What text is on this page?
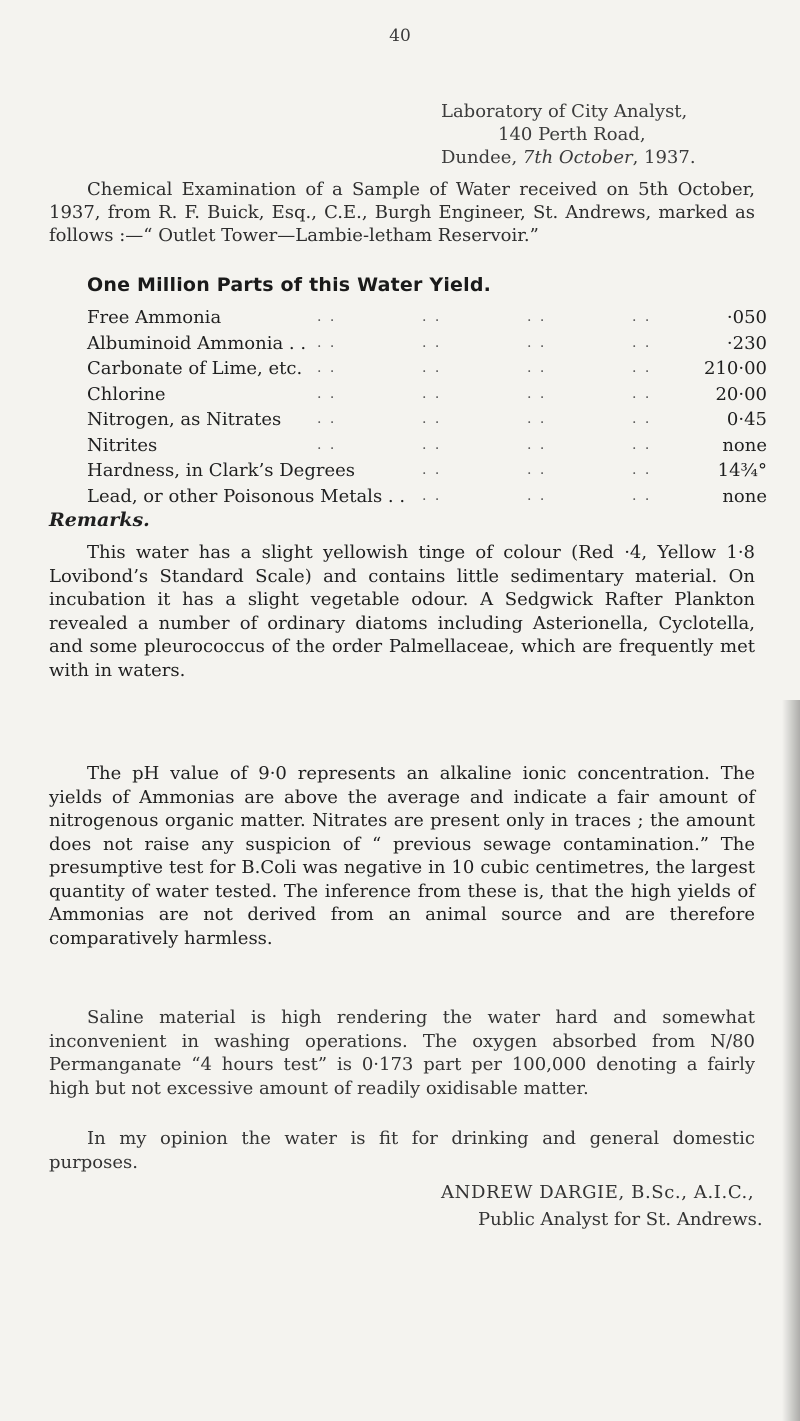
40
Laboratory of City Analyst,
140 Perth Road,
Dundee, 7th October, 1937.
Chemical Examination of a Sample of Water received on 5th October, 1937, from R. F. Buick, Esq., C.E., Burgh Engineer, St. Andrews, marked as follows :—“ Outlet Tower—Lambie-letham Reservoir.”
One Million Parts of this Water Yield.
. .	. .	. .	. .
Free Ammonia	·050
. .	. .	. .	. .
Albuminoid Ammonia . .	·230
. .	. .	. .	. .
Carbonate of Lime, etc.	210·00
. .	. .	. .	. .
Chlorine	20·00
. .	. .	. .	. .
Nitrogen, as Nitrates	0·45
. .	. .	. .	. .
Nitrites	none
. .	. .	. .
Hardness, in Clark’s Degrees	14¾°
. .	. .	. .
Lead, or other Poisonous Metals . .	none
Remarks.
This water has a slight yellowish tinge of colour (Red ·4, Yellow 1·8 Lovibond’s Standard Scale) and contains little sedimentary material. On incubation it has a slight vegetable odour. A Sedgwick Rafter Plankton revealed a number of ordinary diatoms including Asterionella, Cyclotella, and some pleurococcus of the order Palmellaceae, which are frequently met with in waters.
The pH value of 9·0 represents an alkaline ionic concentration. The yields of Ammonias are above the average and indicate a fair amount of nitrogenous organic matter. Nitrates are present only in traces ; the amount does not raise any suspicion of “ previous sewage contamination.” The presumptive test for B.Coli was negative in 10 cubic centimetres, the largest quantity of water tested. The inference from these is, that the high yields of Ammonias are not derived from an animal source and are therefore comparatively harmless.
Saline material is high rendering the water hard and somewhat inconvenient in washing operations. The oxygen absorbed from N/80 Permanganate “4 hours test” is 0·173 part per 100,000 denoting a fairly high but not excessive amount of readily oxidisable matter.
In my opinion the water is fit for drinking and general domestic purposes.
ANDREW DARGIE, B.Sc., A.I.C.,
Public Analyst for St. Andrews.
